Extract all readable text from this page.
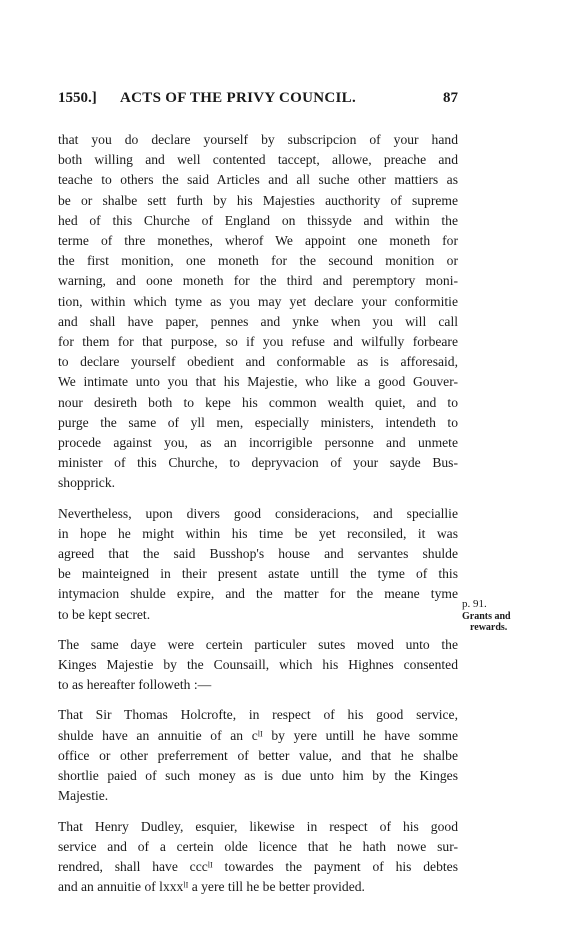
1550.] ACTS OF THE PRIVY COUNCIL.	87

that you do declare yourself by subscripcion of your hand
both willing and well contented taccept, allowe, preache and
teache to others the said Articles and all suche other mattiers as
be or shalbe sett furth by his Majesties aucthority of supreme
hed of this Churche of England on thissyde and within the
terme of thre monethes, wherof We appoint one moneth for
the first monition, one moneth for the secound monition or
warning, and oone moneth for the third and peremptory moni-
tion, within which tyme as you may yet declare your conformitie
and shall have paper, pennes and ynke when you will call
for them for that purpose, so if you refuse and wilfully forbeare
to declare yourself obedient and conformable as is afforesaid,
We intimate unto you that his Majestie, who like a good Gouver-
nour desireth both to kepe his common wealth quiet, and to
purge the same of yll men, especially ministers, intendeth to
procede against you, as an incorrigible personne and unmete
minister of this Churche, to depryvacion of your sayde Bus-
shopprick.

Nevertheless, upon divers good consideracions, and speciallie
in hope he might within his time be yet reconsiled, it was
agreed that the said Busshop's house and servantes shulde
be mainteigned in their present astate untill the tyme of this
intymacion shulde expire, and the matter for the meane tyme
to be kept secret.

The same daye were certein particuler sutes moved unto the
Kinges Majestie by the Counsaill, which his Highnes consented
to as hereafter followeth :—

That Sir Thomas Holcrofte, in respect of his good service,
shulde have an annuitie of an cˡᴵ by yere untill he have somme
office or other preferrement of better value, and that he shalbe
shortlie paied of such money as is due unto him by the Kinges
Majestie.

That Henry Dudley, esquier, likewise in respect of his good
service and of a certein olde licence that he hath nowe sur-
rendred, shall have cccˡᴵ towardes the payment of his debtes
and an annuitie of lxxxˡᴵ a yere till he be better provided.

p. 91.
Grants and
rewards.
